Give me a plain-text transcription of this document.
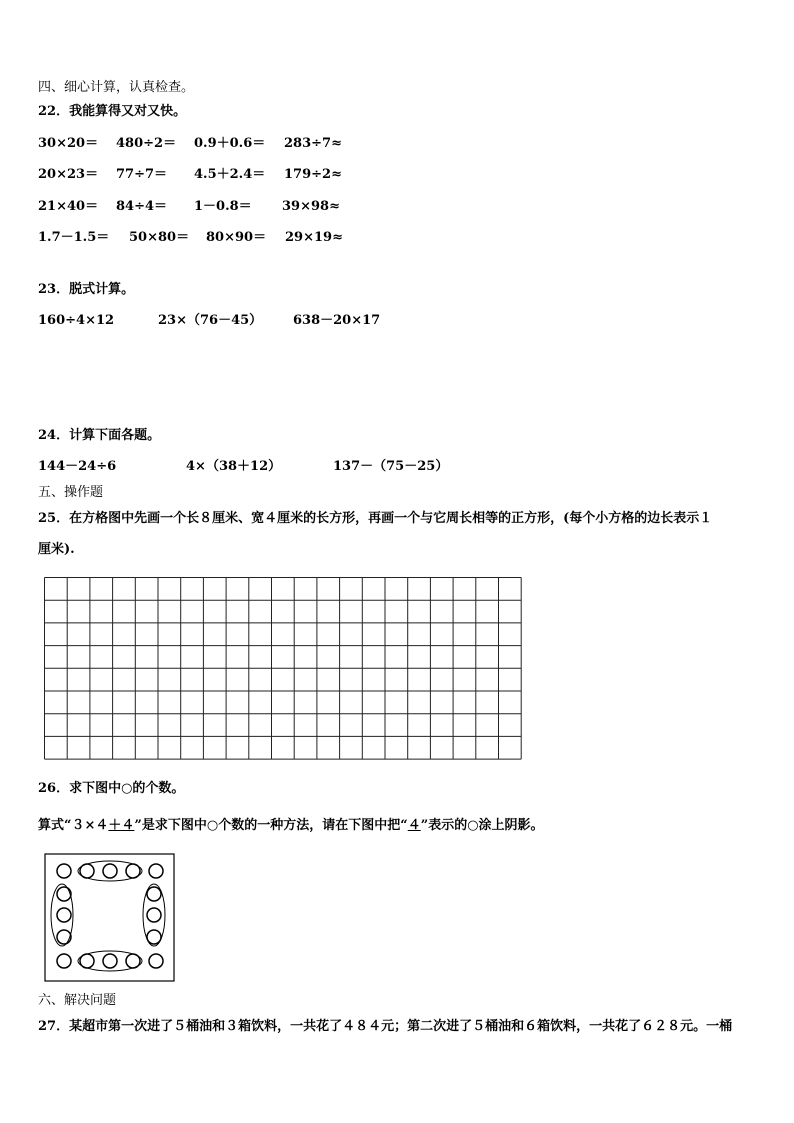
四、细心计算，认真检查。
22．我能算得又对又快。
30×20＝ 480÷2＝ 0.9＋0.6＝ 283÷7≈
20×23＝ 77÷7＝ 4.5＋2.4＝ 179÷2≈
21×40＝ 84÷4＝ 1－0.8＝ 39×98≈
1.7－1.5＝ 50×80＝ 80×90＝ 29×19≈
23．脱式计算。
160÷4×12	23×（76－45） 638－20×17
24．计算下面各题。
144－24÷6	4×（38＋12）	137－（75－25）
五、操作题
25．在方格图中先画一个长８厘米、宽４厘米的长方形，再画一个与它周长相等的正方形，(每个小方格的边长表示１
厘米).
26．求下图中○的个数。
算式“３×４＋４”是求下图中○个数的一种方法，请在下图中把“４”表示的○涂上阴影。
六、解决问题
27．某超市第一次进了５桶油和３箱饮料，一共花了４８４元；第二次进了５桶油和６箱饮料，一共花了６２８元。一桶
